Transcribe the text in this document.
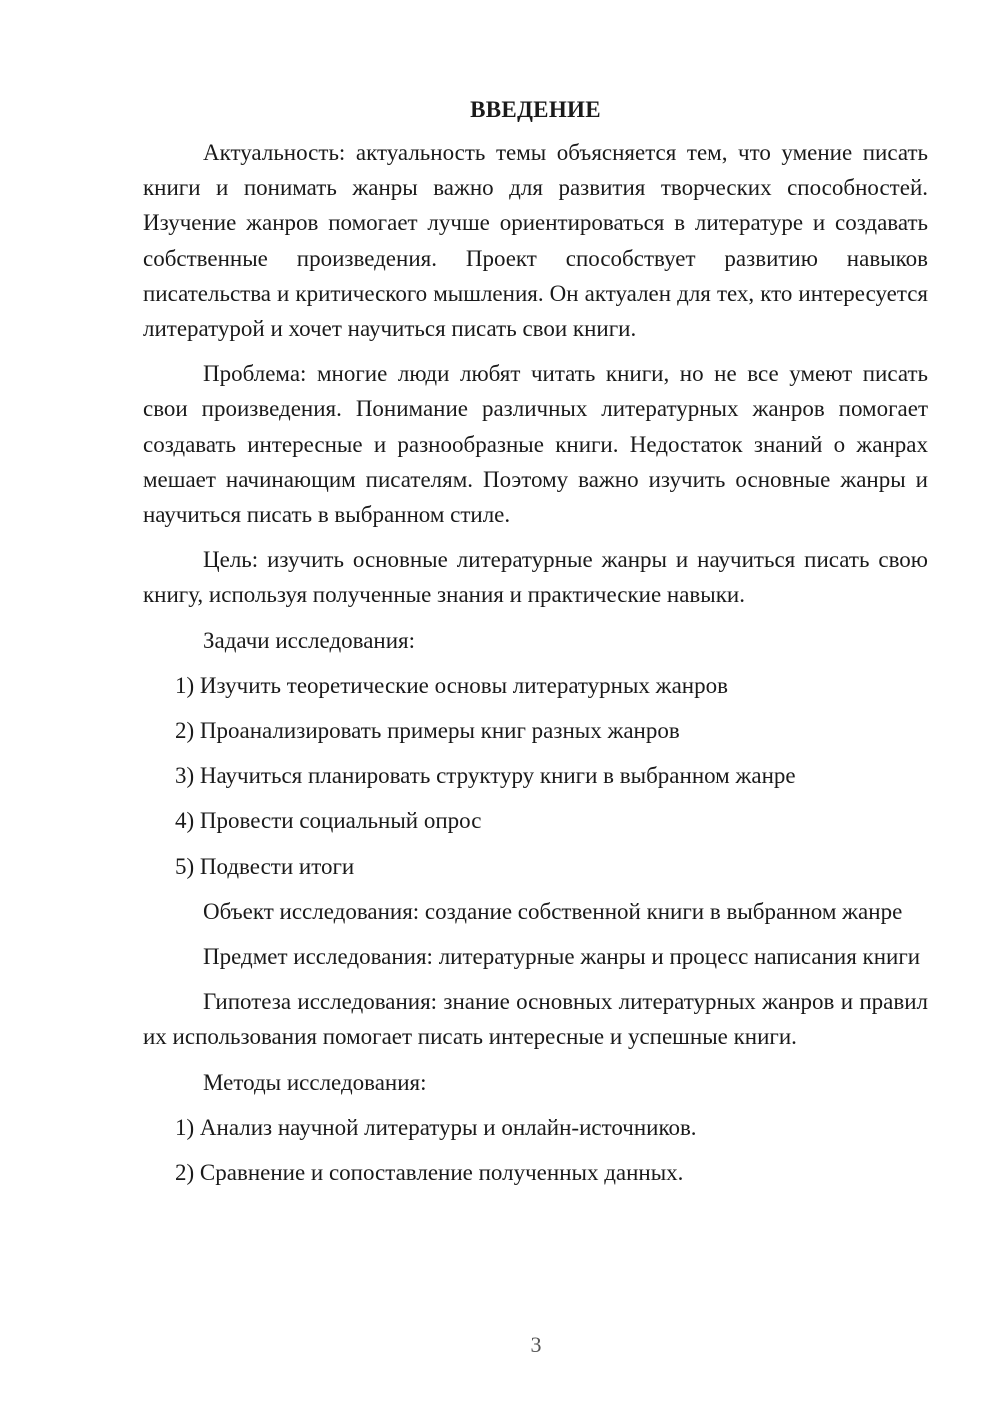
ВВЕДЕНИЕ

Актуальность: актуальность темы объясняется тем, что умение писать книги и понимать жанры важно для развития творческих способностей. Изучение жанров помогает лучше ориентироваться в литературе и создавать собственные произведения. Проект способствует развитию навыков писательства и критического мышления. Он актуален для тех, кто интересуется литературой и хочет научиться писать свои книги.

Проблема: многие люди любят читать книги, но не все умеют писать свои произведения. Понимание различных литературных жанров помогает создавать интересные и разнообразные книги. Недостаток знаний о жанрах мешает начинающим писателям. Поэтому важно изучить основные жанры и научиться писать в выбранном стиле.

Цель: изучить основные литературные жанры и научиться писать свою книгу, используя полученные знания и практические навыки.

Задачи исследования:

1) Изучить теоретические основы литературных жанров
2) Проанализировать примеры книг разных жанров
3) Научиться планировать структуру книги в выбранном жанре
4) Провести социальный опрос
5) Подвести итоги

Объект исследования: создание собственной книги в выбранном жанре

Предмет исследования: литературные жанры и процесс написания книги

Гипотеза исследования: знание основных литературных жанров и правил их использования помогает писать интересные и успешные книги.

Методы исследования:

1) Анализ научной литературы и онлайн-источников.
2) Сравнение и сопоставление полученных данных.
3
